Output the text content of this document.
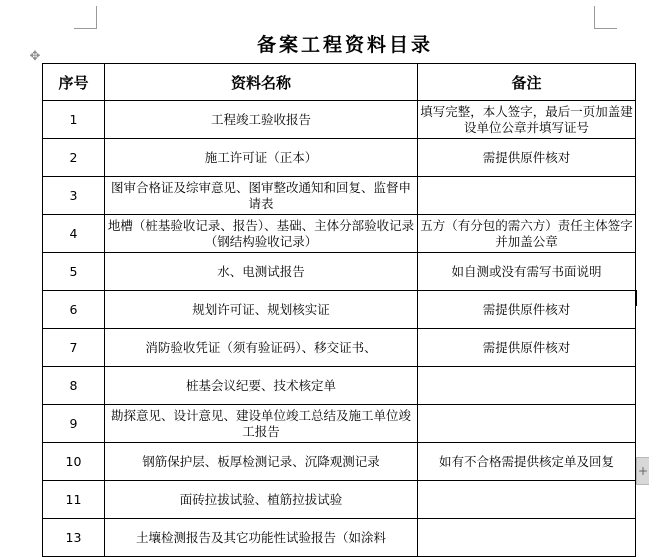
✥
备案工程资料目录
序号	资料名称	备注
1	工程竣工验收报告	填写完整，本人签字，最后一页加盖建设单位公章并填写证号
2	施工许可证（正本）	需提供原件核对
3	图审合格证及综审意见、图审整改通知和回复、监督申请表	
4	地槽（桩基验收记录、报告）、基础、主体分部验收记录（钢结构验收记录）	五方（有分包的需六方）责任主体签字并加盖公章
5	水、电测试报告	如自测或没有需写书面说明
6	规划许可证、规划核实证	需提供原件核对
7	消防验收凭证（须有验证码）、移交证书、	需提供原件核对
8	桩基会议纪要、技术核定单	
9	勘探意见、设计意见、建设单位竣工总结及施工单位竣工报告	
10	钢筋保护层、板厚检测记录、沉降观测记录	如有不合格需提供核定单及回复
11	面砖拉拔试验、植筋拉拔试验	
13	土壤检测报告及其它功能性试验报告（如涂料	
+
